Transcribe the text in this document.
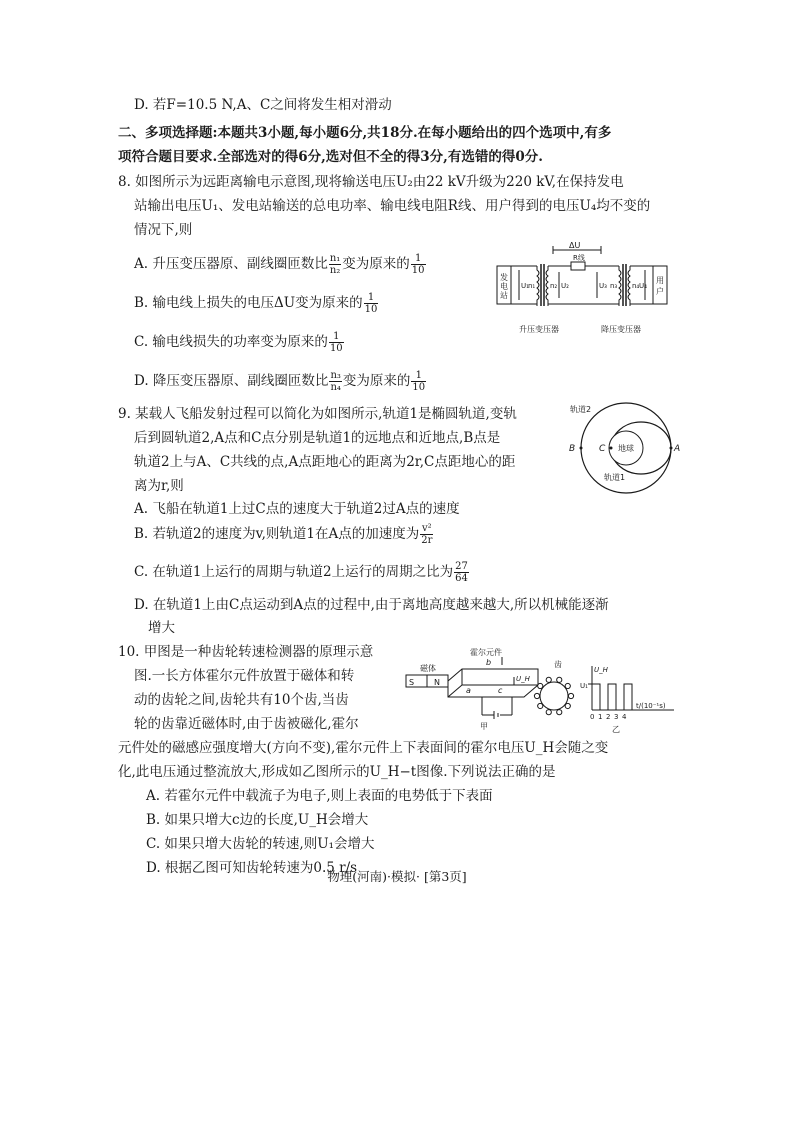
D. 若F=10.5 N,A、C之间将发生相对滑动
二、多项选择题:本题共3小题,每小题6分,共18分.在每小题给出的四个选项中,有多
项符合题目要求.全部选对的得6分,选对但不全的得3分,有选错的得0分.
8. 如图所示为远距离输电示意图,现将输送电压U₂由22 kV升级为220 kV,在保持发电
站输出电压U₁、发电站输送的总电功率、输电线电阻R线、用户得到的电压U₄均不变的
情况下,则
A. 升压变压器原、副线圈匝数比 $\frac{\text{n₁}}{\text{n₂}}$ 变为原来的 $\frac{1}{10}$
B. 输电线上损失的电压ΔU变为原来的 $\frac{1}{10}$
C. 输电线损失的功率变为原来的 $\frac{1}{10}$
D. 降压变压器原、副线圈匝数比 $\frac{\text{n₃}}{\text{n₄}}$ 变为原来的 $\frac{1}{10}$
发
电
站
用
户
ΔU
R线
U₁ n₁ n₂ U₂	U₃ n₃ n₄ U₄
升压变压器	降压变压器
9. 某载人飞船发射过程可以简化为如图所示,轨道1是椭圆轨道,变轨
后到圆轨道2,A点和C点分别是轨道1的远地点和近地点,B点是
轨道2上与A、C共线的点,A点距地心的距离为2r,C点距地心的距
离为r,则
A. 飞船在轨道1上过C点的速度大于轨道2过A点的速度
B. 若轨道2的速度为v,则轨道1在A点的加速度为 $\frac{\text{v²}}{2r}$
C. 在轨道1上运行的周期与轨道2上运行的周期之比为 $\frac{27}{64}$
D. 在轨道1上由C点运动到A点的过程中,由于离地高度越来越大,所以机械能逐渐
增大
轨道2
地球
B	C	A
轨道1
10. 甲图是一种齿轮转速检测器的原理示意
图.一长方体霍尔元件放置于磁体和转
动的齿轮之间,齿轮共有10个齿,当齿
轮的齿靠近磁体时,由于齿被磁化,霍尔
元件处的磁感应强度增大(方向不变),霍尔元件上下表面间的霍尔电压U_H会随之变
化,此电压通过整流放大,形成如乙图所示的U_H−t图像.下列说法正确的是
A. 若霍尔元件中载流子为电子,则上表面的电势低于下表面
B. 如果只增大c边的长度,U_H会增大
C. 如果只增大齿轮的转速,则U₁会增大
D. 根据乙图可知齿轮转速为0.5 r/s
磁体
S N
霍尔元件
a
b
c
U_H
甲
齿
U_H
U₁
t/(10⁻¹s)
0 1 2 3 4
乙
物理(河南)·模拟· [第3页]
